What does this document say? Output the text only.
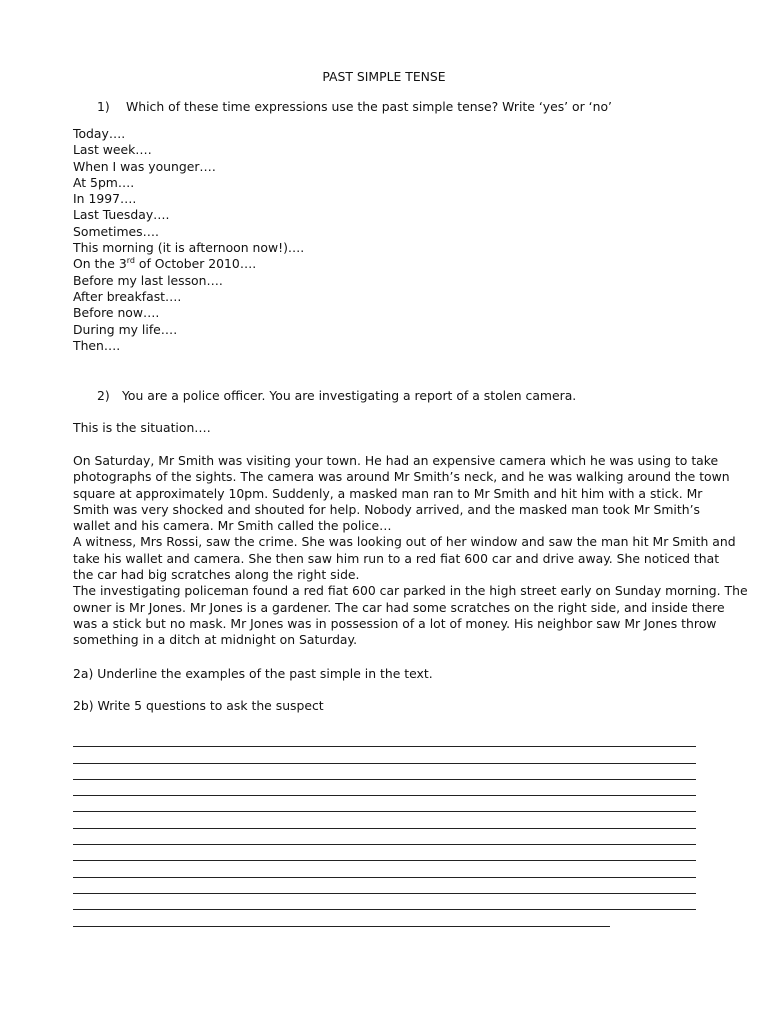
PAST SIMPLE TENSE
1) Which of these time expressions use the past simple tense? Write ‘yes’ or ‘no’
Today….
Last week….
When I was younger….
At 5pm….
In 1997….
Last Tuesday….
Sometimes….
This morning (it is afternoon now!)….
On the 3rd of October 2010….
Before my last lesson….
After breakfast….
Before now….
During my life….
Then….
2) You are a police officer. You are investigating a report of a stolen camera.
This is the situation….
On Saturday, Mr Smith was visiting your town. He had an expensive camera which he was using to take
photographs of the sights. The camera was around Mr Smith’s neck, and he was walking around the town
square at approximately 10pm. Suddenly, a masked man ran to Mr Smith and hit him with a stick. Mr
Smith was very shocked and shouted for help. Nobody arrived, and the masked man took Mr Smith’s
wallet and his camera. Mr Smith called the police…
A witness, Mrs Rossi, saw the crime. She was looking out of her window and saw the man hit Mr Smith and
take his wallet and camera. She then saw him run to a red fiat 600 car and drive away. She noticed that
the car had big scratches along the right side.
The investigating policeman found a red fiat 600 car parked in the high street early on Sunday morning. The
owner is Mr Jones. Mr Jones is a gardener. The car had some scratches on the right side, and inside there
was a stick but no mask. Mr Jones was in possession of a lot of money. His neighbor saw Mr Jones throw
something in a ditch at midnight on Saturday.
2a) Underline the examples of the past simple in the text.
2b) Write 5 questions to ask the suspect
